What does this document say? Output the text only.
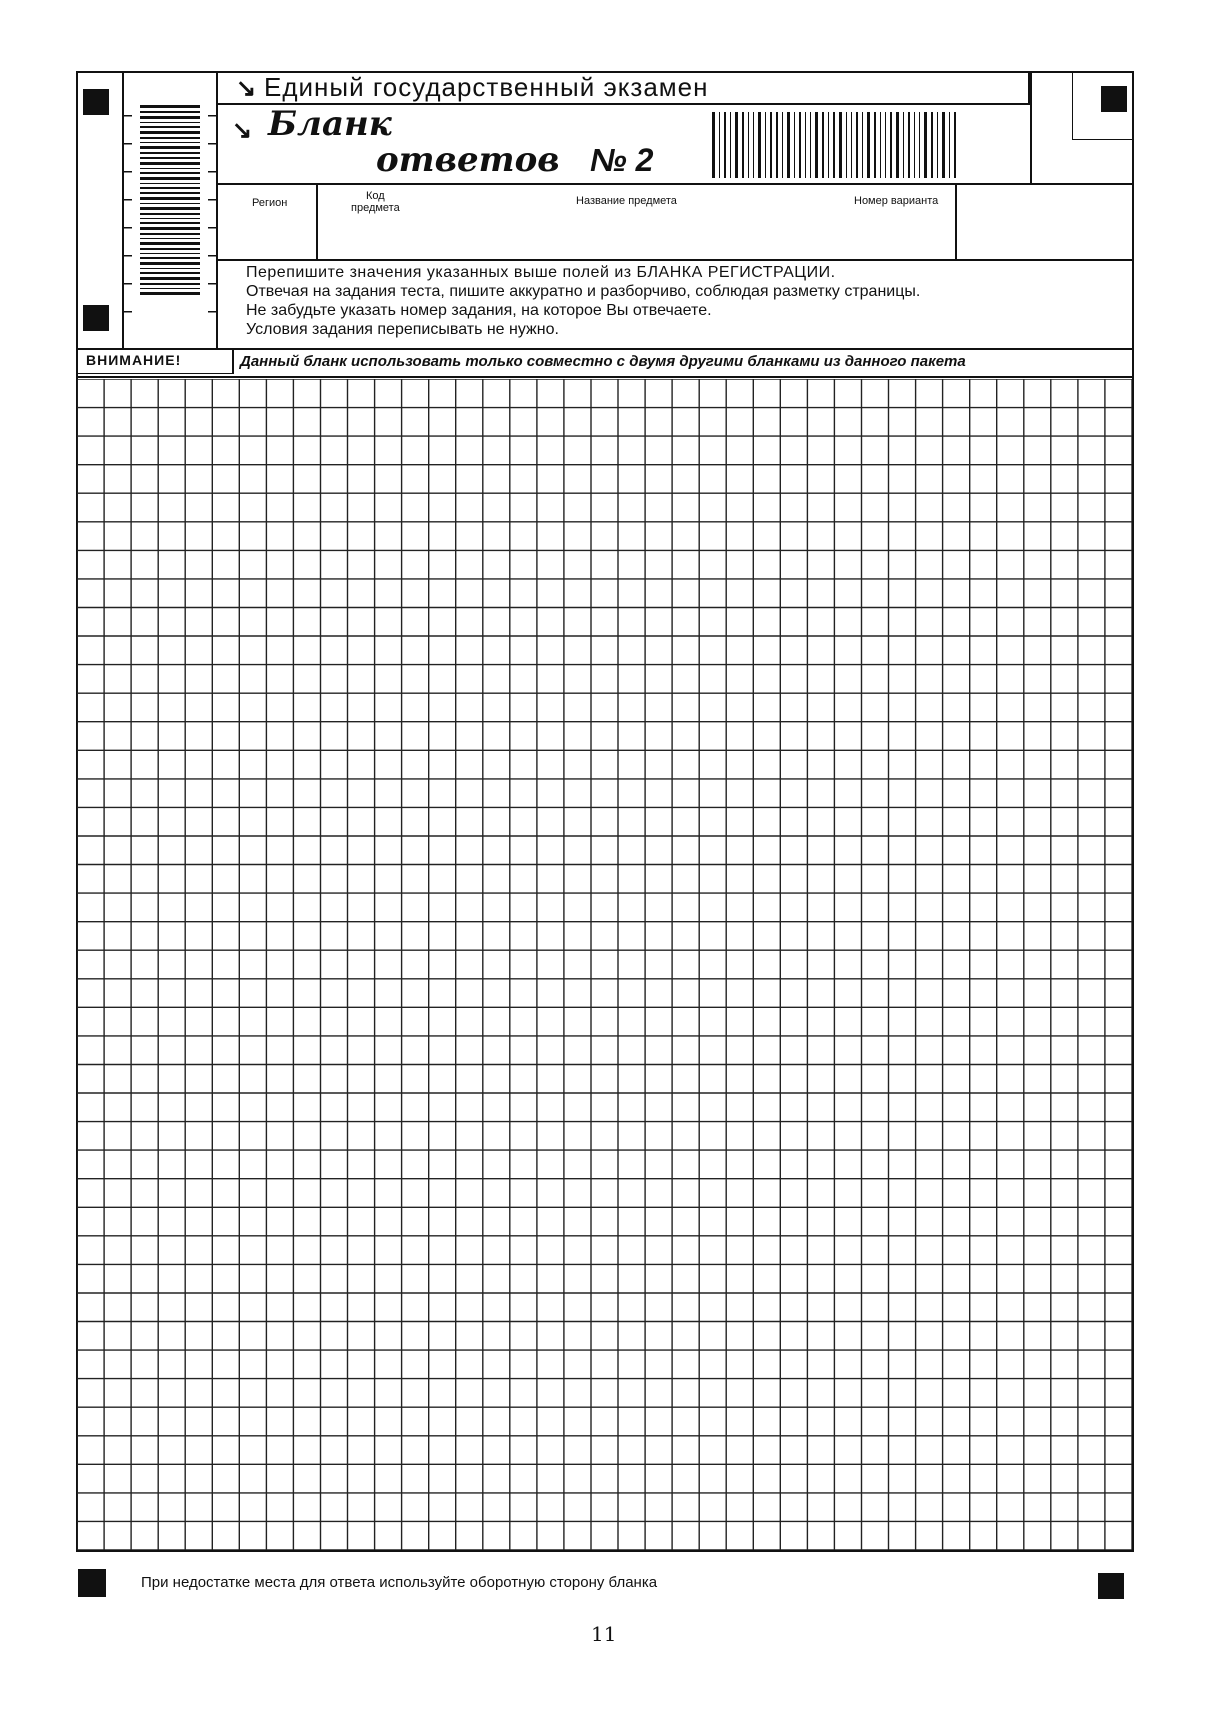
↘ Единый государственный экзамен
↘ Бланк
ответов № 2
Регион
Код
предмета
Название предмета	Номер варианта
Перепишите значения указанных выше полей из БЛАНКА РЕГИСТРАЦИИ.
Отвечая на задания теста, пишите аккуратно и разборчиво, соблюдая разметку страницы.
Не забудьте указать номер задания, на которое Вы отвечаете.
Условия задания переписывать не нужно.
ВНИМАНИЕ!	Данный бланк использовать только совместно с двумя другими бланками из данного пакета
При недостатке места для ответа используйте оборотную сторону бланка
11
